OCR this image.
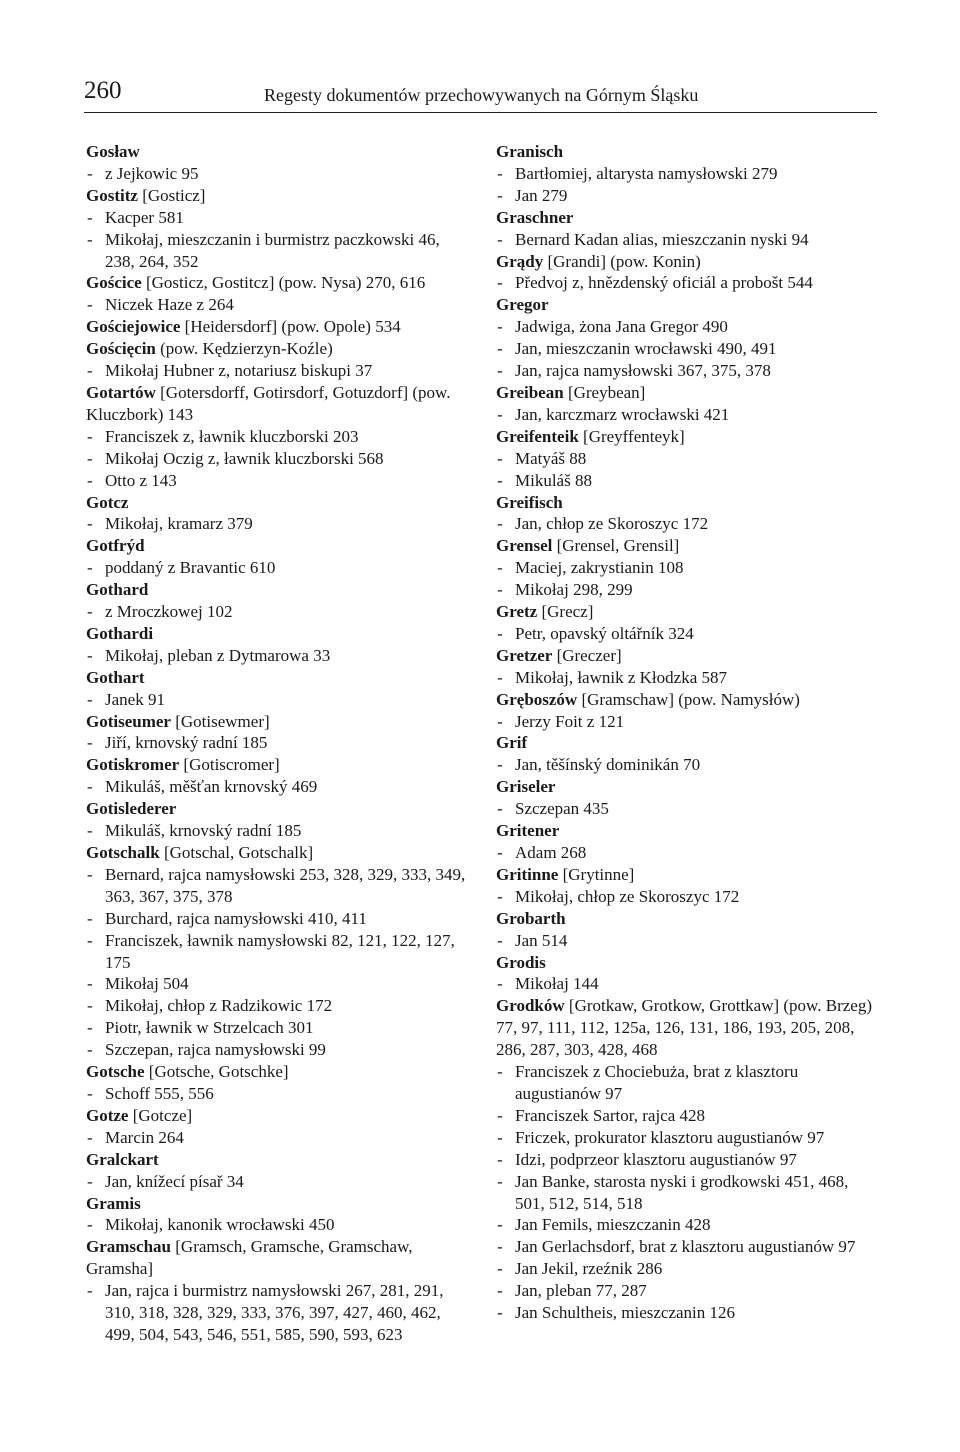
260	Regesty dokumentów przechowywanych na Górnym Śląsku
Gosław
- z Jejkowic 95
Gostitz [Gosticz]
- Kacper 581
- Mikołaj, mieszczanin i burmistrz paczkowski 46, 238, 264, 352
Gościce [Gosticz, Gostitcz] (pow. Nysa) 270, 616
- Niczek Haze z 264
Gościejowice [Heidersdorf] (pow. Opole) 534
Gościęcin (pow. Kędzierzyn-Koźle)
- Mikołaj Hubner z, notariusz biskupi 37
Gotartów [Gotersdorff, Gotirsdorf, Gotuzdorf] (pow. Kluczbork) 143
- Franciszek z, ławnik kluczborski 203
- Mikołaj Oczig z, ławnik kluczborski 568
- Otto z 143
Gotcz
- Mikołaj, kramarz 379
Gotfrýd
- poddaný z Bravantic 610
Gothard
- z Mroczkowej 102
Gothardi
- Mikołaj, pleban z Dytmarowa 33
Gothart
- Janek 91
Gotiseumer [Gotisewmer]
- Jiří, krnovský radní 185
Gotiskromer [Gotiscromer]
- Mikuláš, měšťan krnovský 469
Gotislederer
- Mikuláš, krnovský radní 185
Gotschalk [Gotschal, Gotschalk]
- Bernard, rajca namysłowski 253, 328, 329, 333, 349, 363, 367, 375, 378
- Burchard, rajca namysłowski 410, 411
- Franciszek, ławnik namysłowski 82, 121, 122, 127, 175
- Mikołaj 504
- Mikołaj, chłop z Radzikowic 172
- Piotr, ławnik w Strzelcach 301
- Szczepan, rajca namysłowski 99
Gotsche [Gotsche, Gotschke]
- Schoff 555, 556
Gotze [Gotcze]
- Marcin 264
Gralckart
- Jan, knížecí písař 34
Gramis
- Mikołaj, kanonik wrocławski 450
Gramschau [Gramsch, Gramsche, Gramschaw, Gramsha]
- Jan, rajca i burmistrz namysłowski 267, 281, 291, 310, 318, 328, 329, 333, 376, 397, 427, 460, 462, 499, 504, 543, 546, 551, 585, 590, 593, 623
Granisch
- Bartłomiej, altarysta namysłowski 279
- Jan 279
Graschner
- Bernard Kadan alias, mieszczanin nyski 94
Grądy [Grandi] (pow. Konin)
- Předvoj z, hnězdenský oficiál a probošt 544
Gregor
- Jadwiga, żona Jana Gregor 490
- Jan, mieszczanin wrocławski 490, 491
- Jan, rajca namysłowski 367, 375, 378
Greibean [Greybean]
- Jan, karczmarz wrocławski 421
Greifenteik [Greyffenteyk]
- Matyáš 88
- Mikuláš 88
Greifisch
- Jan, chłop ze Skoroszyc 172
Grensel [Grensel, Grensil]
- Maciej, zakrystianin 108
- Mikołaj 298, 299
Gretz [Grecz]
- Petr, opavský oltářník 324
Gretzer [Greczer]
- Mikołaj, ławnik z Kłodzka 587
Gręboszów [Gramschaw] (pow. Namysłów)
- Jerzy Foit z 121
Grif
- Jan, těšínský dominikán 70
Griseler
- Szczepan 435
Gritener
- Adam 268
Gritinne [Grytinne]
- Mikołaj, chłop ze Skoroszyc 172
Grobarth
- Jan 514
Grodis
- Mikołaj 144
Grodków [Grotkaw, Grotkow, Grottkaw] (pow. Brzeg) 77, 97, 111, 112, 125a, 126, 131, 186, 193, 205, 208, 286, 287, 303, 428, 468
- Franciszek z Chociebuża, brat z klasztoru augustianów 97
- Franciszek Sartor, rajca 428
- Friczek, prokurator klasztoru augustianów 97
- Idzi, podprzeor klasztoru augustianów 97
- Jan Banke, starosta nyski i grodkowski 451, 468, 501, 512, 514, 518
- Jan Femils, mieszczanin 428
- Jan Gerlachsdorf, brat z klasztoru augustianów 97
- Jan Jekil, rzeźnik 286
- Jan, pleban 77, 287
- Jan Schultheis, mieszczanin 126
